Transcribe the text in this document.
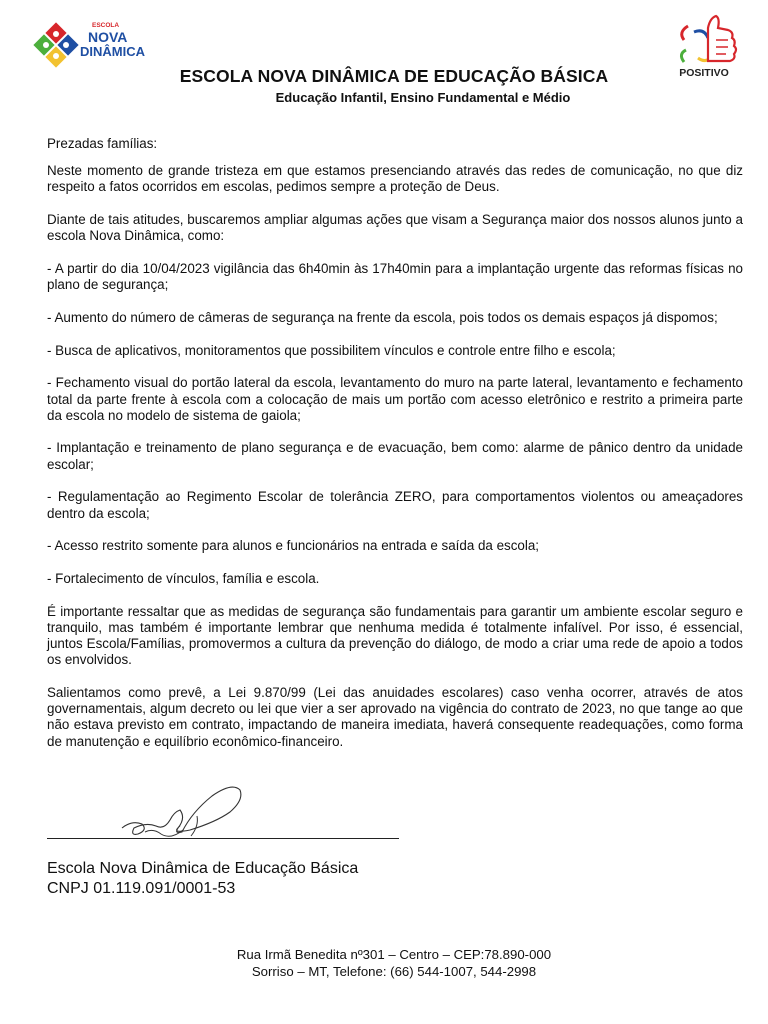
ESCOLA
NOVA
DINÂMICA
POSITIVO
ESCOLA NOVA DINÂMICA DE EDUCAÇÃO BÁSICA
Educação Infantil, Ensino Fundamental e Médio

Prezadas famílias:

Neste momento de grande tristeza em que estamos presenciando através das redes de comunicação, no que diz respeito a fatos ocorridos em escolas, pedimos sempre a proteção de Deus.

Diante de tais atitudes, buscaremos ampliar algumas ações que visam a Segurança maior dos nossos alunos junto a escola Nova Dinâmica, como:

- A partir do dia 10/04/2023 vigilância das 6h40min às 17h40min para a implantação urgente das reformas físicas no plano de segurança;

- Aumento do número de câmeras de segurança na frente da escola, pois todos os demais espaços já dispomos;

- Busca de aplicativos, monitoramentos que possibilitem vínculos e controle entre filho e escola;

- Fechamento visual do portão lateral da escola, levantamento do muro na parte lateral, levantamento e fechamento total da parte frente à escola com a colocação de mais um portão com acesso eletrônico e restrito a primeira parte da escola no modelo de sistema de gaiola;

- Implantação e treinamento de plano segurança e de evacuação, bem como: alarme de pânico dentro da unidade escolar;

- Regulamentação ao Regimento Escolar de tolerância ZERO, para comportamentos violentos ou ameaçadores dentro da escola;

- Acesso restrito somente para alunos e funcionários na entrada e saída da escola;

- Fortalecimento de vínculos, família e escola.

É importante ressaltar que as medidas de segurança são fundamentais para garantir um ambiente escolar seguro e tranquilo, mas também é importante lembrar que nenhuma medida é totalmente infalível. Por isso, é essencial, juntos Escola/Famílias, promovermos a cultura da prevenção do diálogo, de modo a criar uma rede de apoio a todos os envolvidos.

Salientamos como prevê, a Lei 9.870/99 (Lei das anuidades escolares) caso venha ocorrer, através de atos governamentais, algum decreto ou lei que vier a ser aprovado na vigência do contrato de 2023, no que tange ao que não estava previsto em contrato, impactando de maneira imediata, haverá consequente readequações, como forma de manutenção e equilíbrio econômico-financeiro.

Escola Nova Dinâmica de Educação Básica
CNPJ 01.119.091/0001-53
Rua Irmã Benedita nº301 – Centro – CEP:78.890-000
Sorriso – MT, Telefone: (66) 544-1007, 544-2998
